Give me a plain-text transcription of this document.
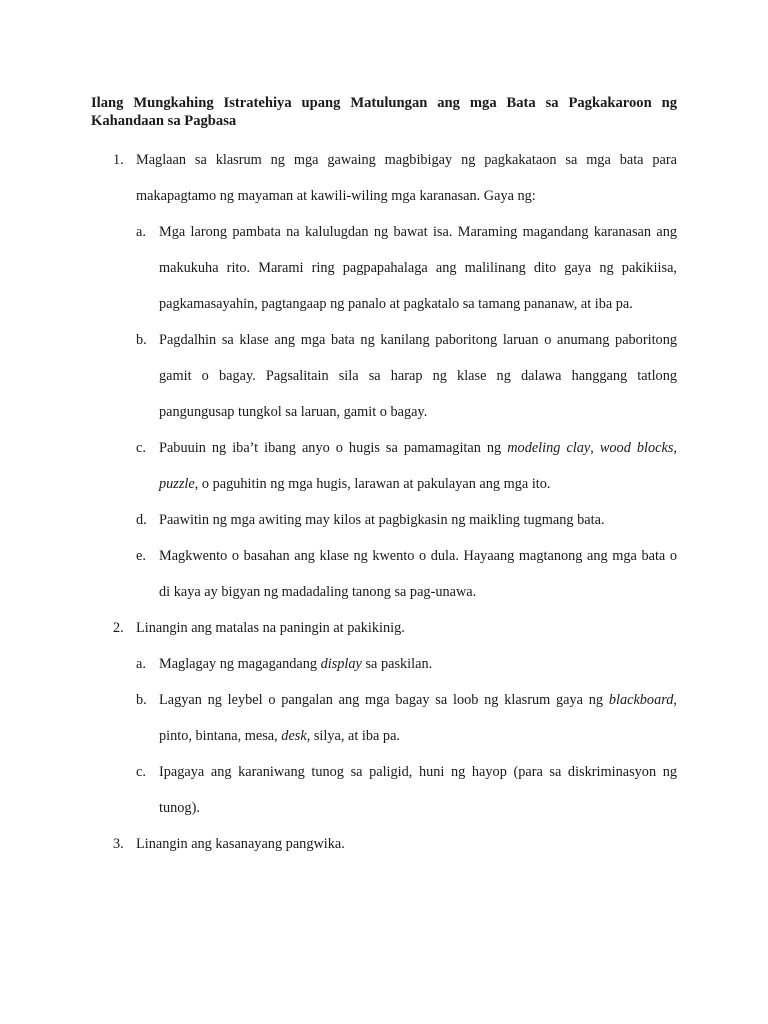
Ilang Mungkahing Istratehiya upang Matulungan ang mga Bata sa Pagkakaroon ng Kahandaan sa Pagbasa
1. Maglaan sa klasrum ng mga gawaing magbibigay ng pagkakataon sa mga bata para makapagtamo ng mayaman at kawili-wiling mga karanasan. Gaya ng:
a. Mga larong pambata na kalulugdan ng bawat isa. Maraming magandang karanasan ang makukuha rito. Marami ring pagpapahalaga ang malilinang dito gaya ng pakikiisa, pagkamasayahin, pagtangaap ng panalo at pagkatalo sa tamang pananaw, at iba pa.
b. Pagdalhin sa klase ang mga bata ng kanilang paboritong laruan o anumang paboritong gamit o bagay. Pagsalitain sila sa harap ng klase ng dalawa hanggang tatlong pangungusap tungkol sa laruan, gamit o bagay.
c. Pabuuin ng iba’t ibang anyo o hugis sa pamamagitan ng modeling clay, wood blocks, puzzle, o paguhitin ng mga hugis, larawan at pakulayan ang mga ito.
d. Paawitin ng mga awiting may kilos at pagbigkasin ng maikling tugmang bata.
e. Magkwento o basahan ang klase ng kwento o dula. Hayaang magtanong ang mga bata o di kaya ay bigyan ng madadaling tanong sa pag-unawa.
2. Linangin ang matalas na paningin at pakikinig.
a. Maglagay ng magagandang display sa paskilan.
b. Lagyan ng leybel o pangalan ang mga bagay sa loob ng klasrum gaya ng blackboard, pinto, bintana, mesa, desk, silya, at iba pa.
c. Ipagaya ang karaniwang tunog sa paligid, huni ng hayop (para sa diskriminasyon ng tunog).
3. Linangin ang kasanayang pangwika.
